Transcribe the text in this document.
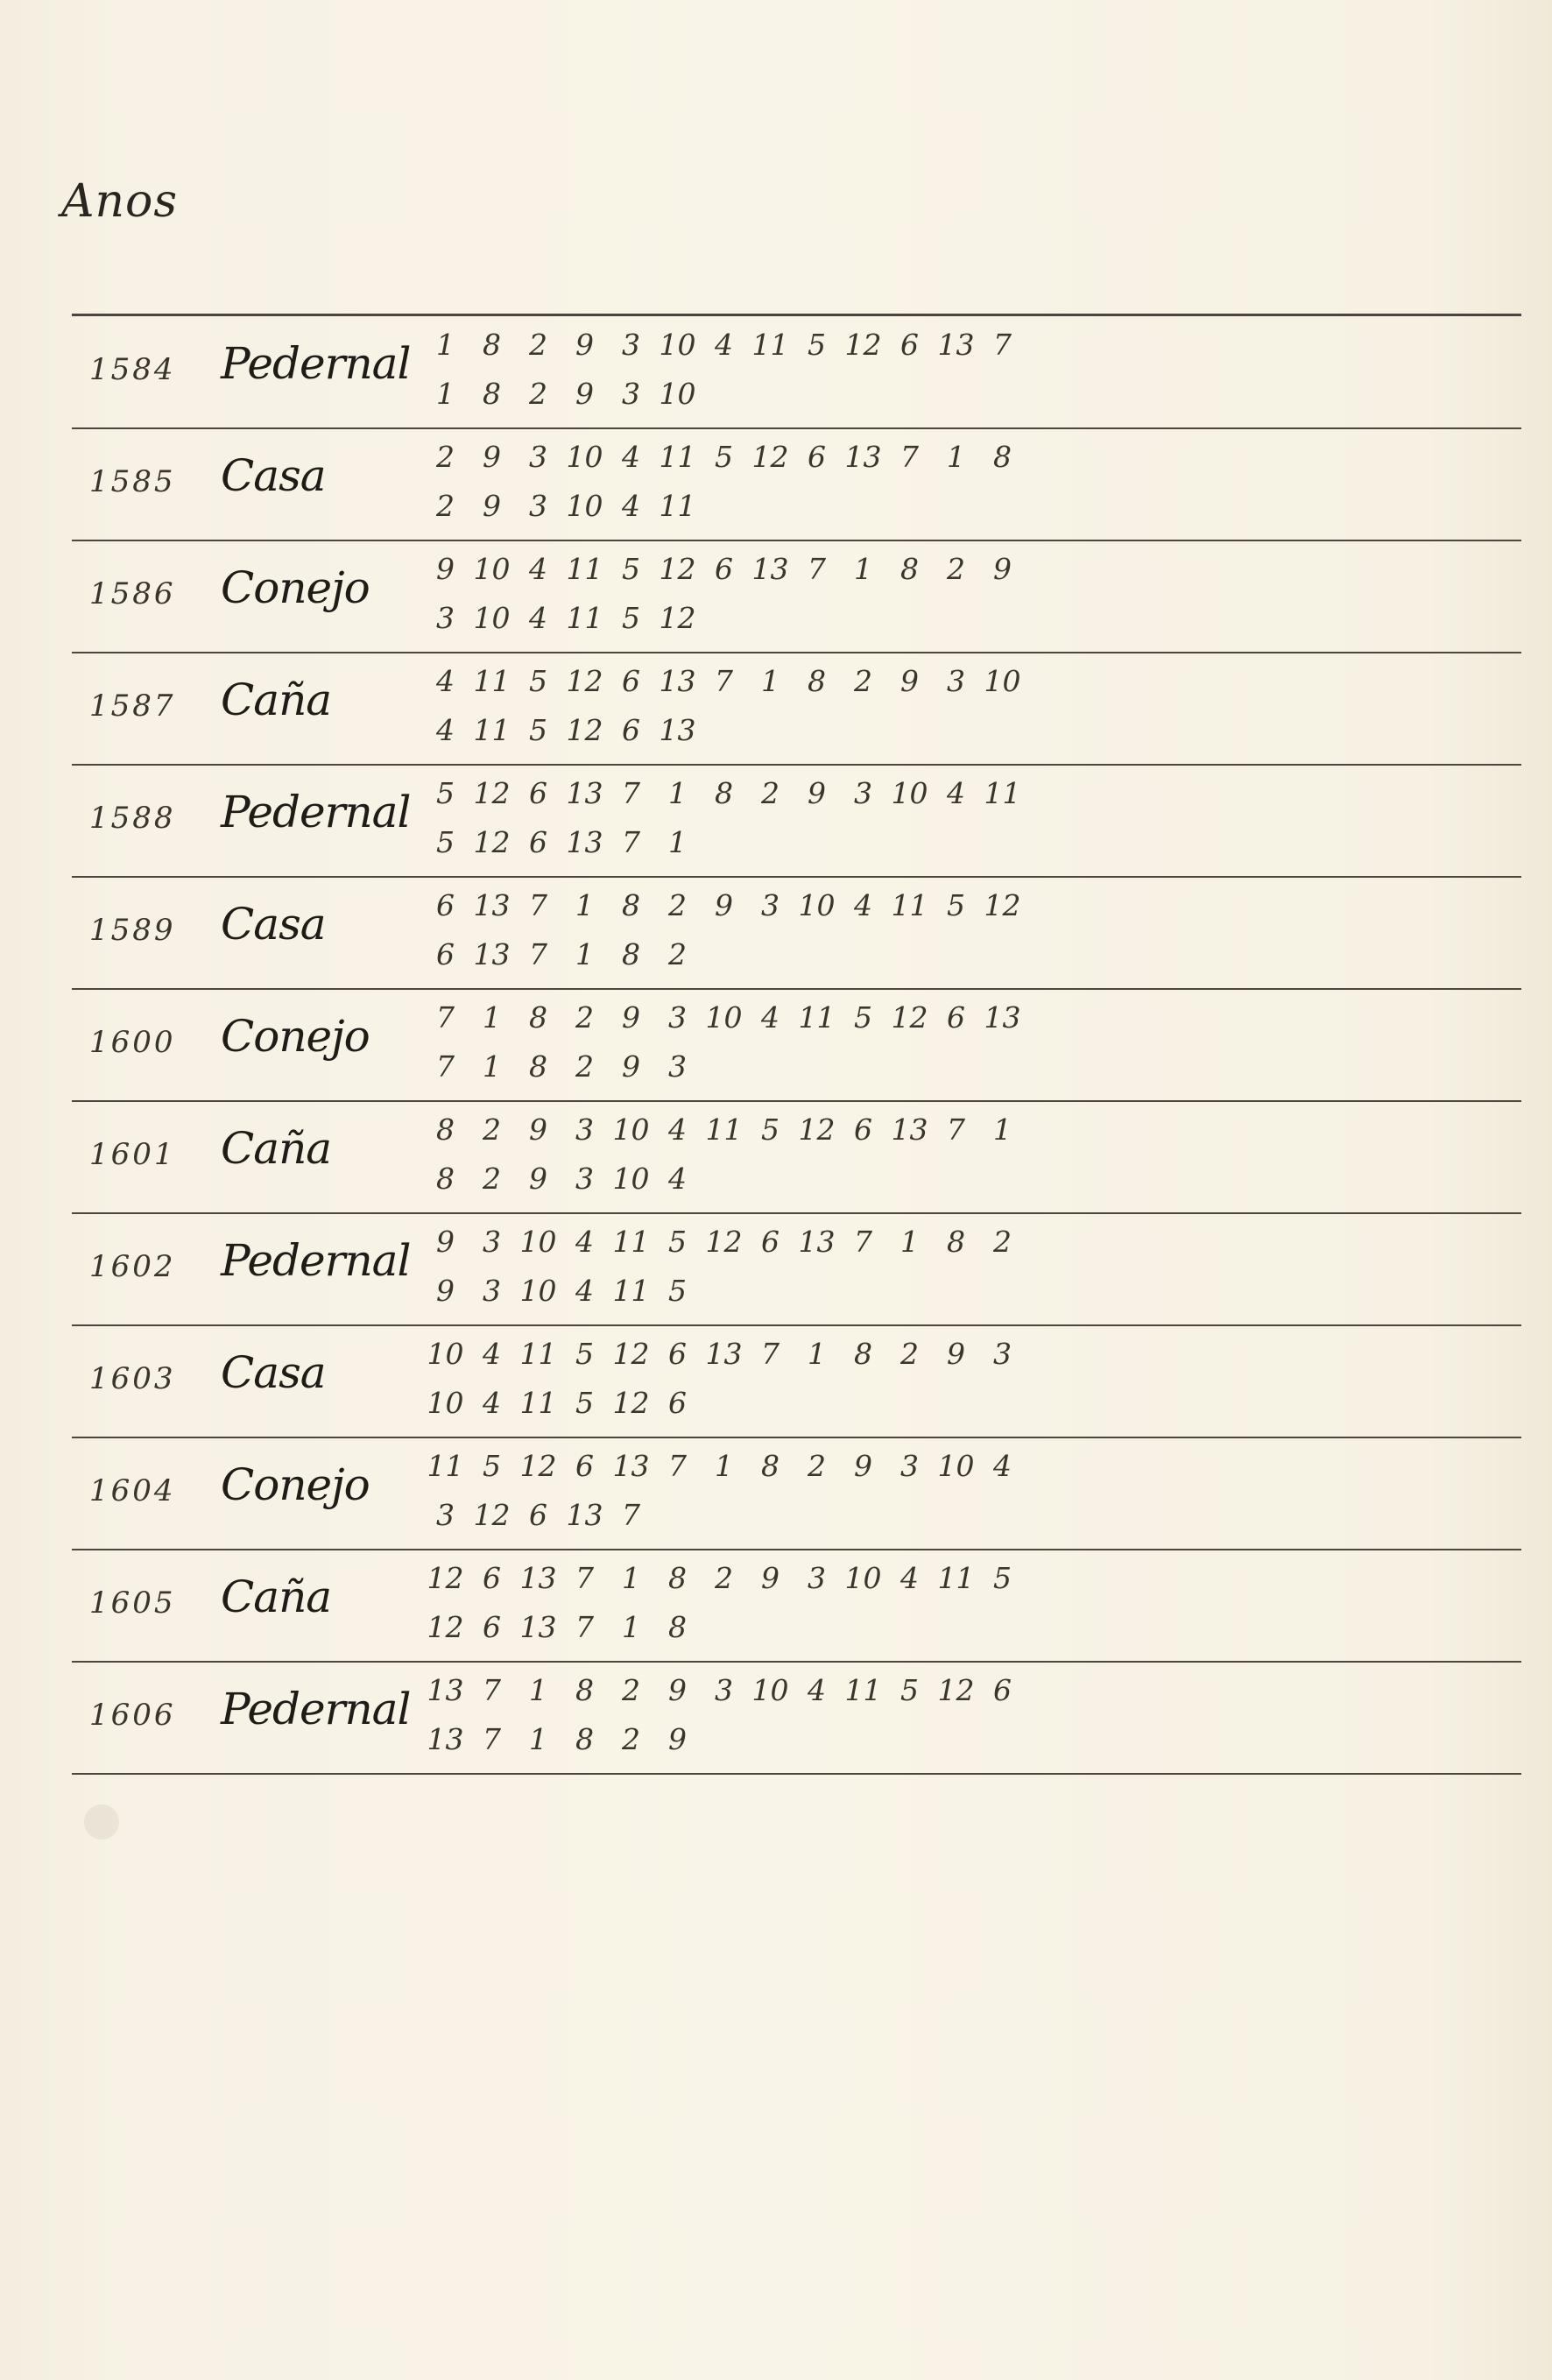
Anos
1584 Pedernal 1 8 2 9 3 10 4 11 5 12 6 13 7
1 8 2 9 3 10
1585 Casa	2 9 3 10 4 11 5 12 6 13 7 1 8
2 9 3 10 4 11
1586 Conejo	9 10 4 11 5 12 6 13 7 1 8 2 9
3 10 4 11 5 12
1587 Caña	4 11 5 12 6 13 7 1 8 2 9 3 10
4 11 5 12 6 13
1588 Pedernal 5 12 6 13 7 1 8 2 9 3 10 4 11
5 12 6 13 7 1
1589 Casa	6 13 7 1 8 2 9 3 10 4 11 5 12
6 13 7 1 8 2
1600 Conejo	7 1 8 2 9 3 10 4 11 5 12 6 13
7 1 8 2 9 3
1601 Caña	8 2 9 3 10 4 11 5 12 6 13 7 1
8 2 9 3 10 4
1602 Pedernal 9 3 10 4 11 5 12 6 13 7 1 8 2
9 3 10 4 11 5
1603 Casa	10 4 11 5 12 6 13 7 1 8 2 9 3
10 4 11 5 12 6
1604 Conejo 11 5 12 6 13 7 1 8 2 9 3 10 4
3 12 6 13 7
1605 Caña	12 6 13 7 1 8 2 9 3 10 4 11 5
12 6 13 7 1 8
1606 Pedernal 13 7 1 8 2 9 3 10 4 11 5 12 6
13 7 1 8 2 9
